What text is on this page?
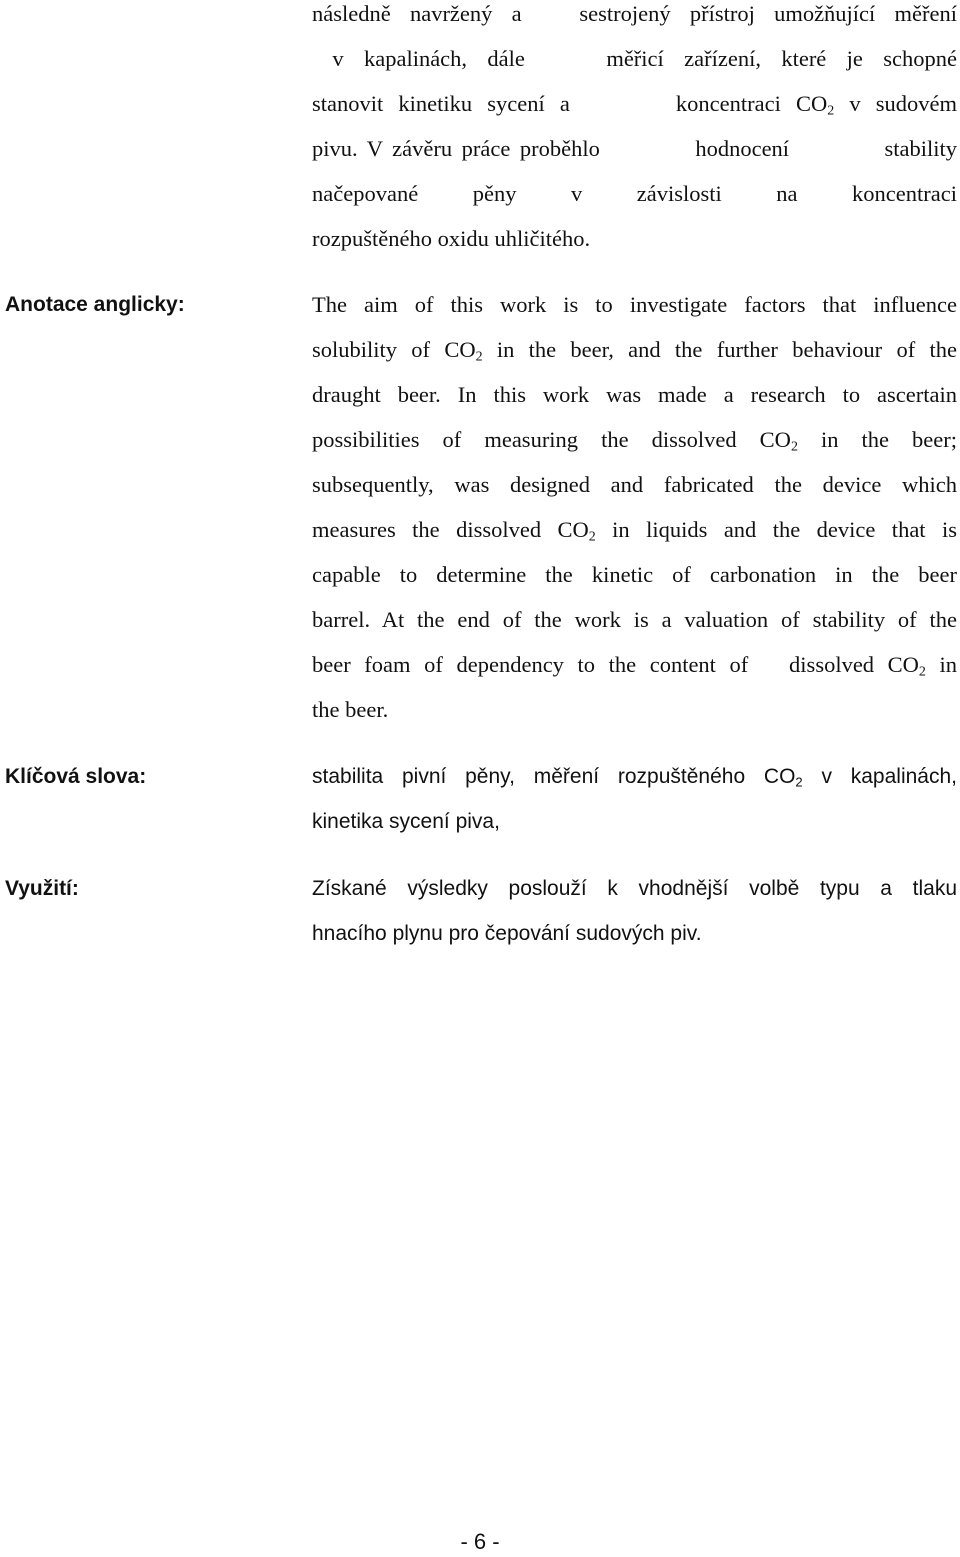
následně navržený a   sestrojený přístroj umožňující měření
v kapalinách, dále    měřicí zařízení, které je schopné
stanovit kinetiku sycení a       koncentraci $CO_2$ v sudovém
pivu. V závěru práce proběhlo          hodnocení          stability
načepované pěny v závislosti na koncentraci
rozpuštěného oxidu uhličitého.
Anotace anglicky:	The aim of this work is to investigate factors that influence
solubility of $CO_2$ in the beer, and the further behaviour of the
draught beer. In this work was made a research to ascertain
possibilities of measuring the dissolved $CO_2$ in the beer;
subsequently, was designed and fabricated the device which
measures the dissolved $CO_2$ in liquids and the device that is
capable to determine the kinetic of carbonation in the beer
barrel. At the end of the work is a valuation of stability of the
beer foam of dependency to the content of   dissolved $CO_2$ in
the beer.
Klíčová slova:	stabilita pivní pěny, měření rozpuštěného $CO_2$ v kapalinách,
kinetika sycení piva,
Využití:	Získané výsledky poslouží k vhodnější volbě typu a tlaku
hnacího plynu pro čepování sudových piv.
- 6 -
